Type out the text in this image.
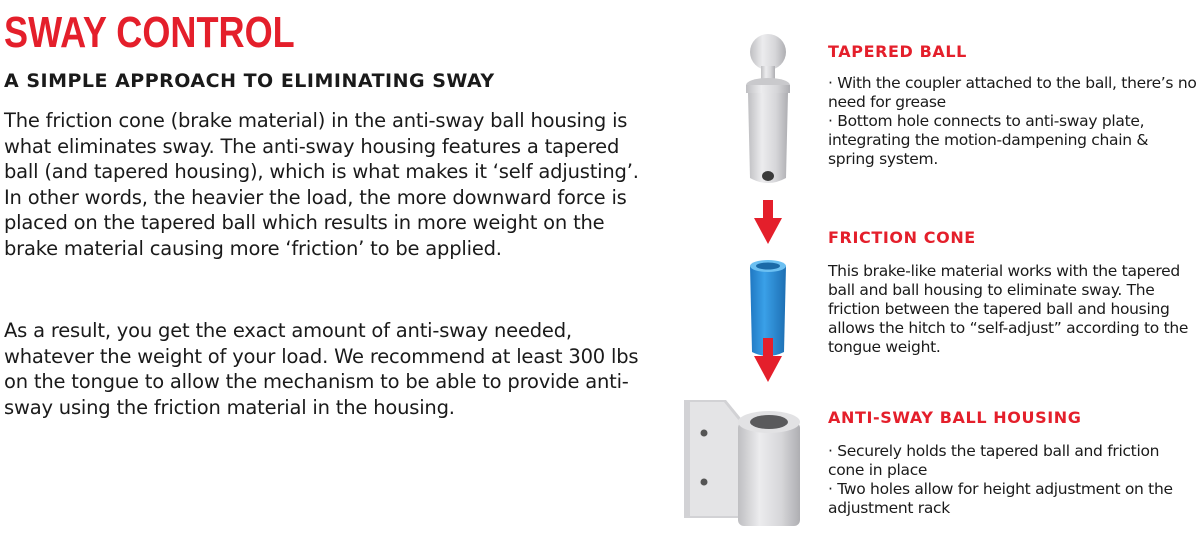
SWAY CONTROL
A SIMPLE APPROACH TO ELIMINATING SWAY

The friction cone (brake material) in the anti-sway ball housing is what eliminates sway. The anti-sway housing features a tapered ball (and tapered housing), which is what makes it ‘self adjusting’. In other words, the heavier the load, the more downward force is placed on the tapered ball which results in more weight on the brake material causing more ‘friction’ to be applied.

As a result, you get the exact amount of anti-sway needed, whatever the weight of your load. We recommend at least 300 lbs on the tongue to allow the mechanism to be able to provide anti-sway using the friction material in the housing.

TAPERED BALL

· With the coupler attached to the ball, there’s no need for grease
· Bottom hole connects to anti-sway plate, integrating the motion-dampening chain & spring system.

FRICTION CONE

This brake-like material works with the tapered ball and ball housing to eliminate sway. The friction between the tapered ball and housing allows the hitch to “self-adjust” according to the tongue weight.

ANTI-SWAY BALL HOUSING

· Securely holds the tapered ball and friction cone in place
· Two holes allow for height adjustment on the adjustment rack
